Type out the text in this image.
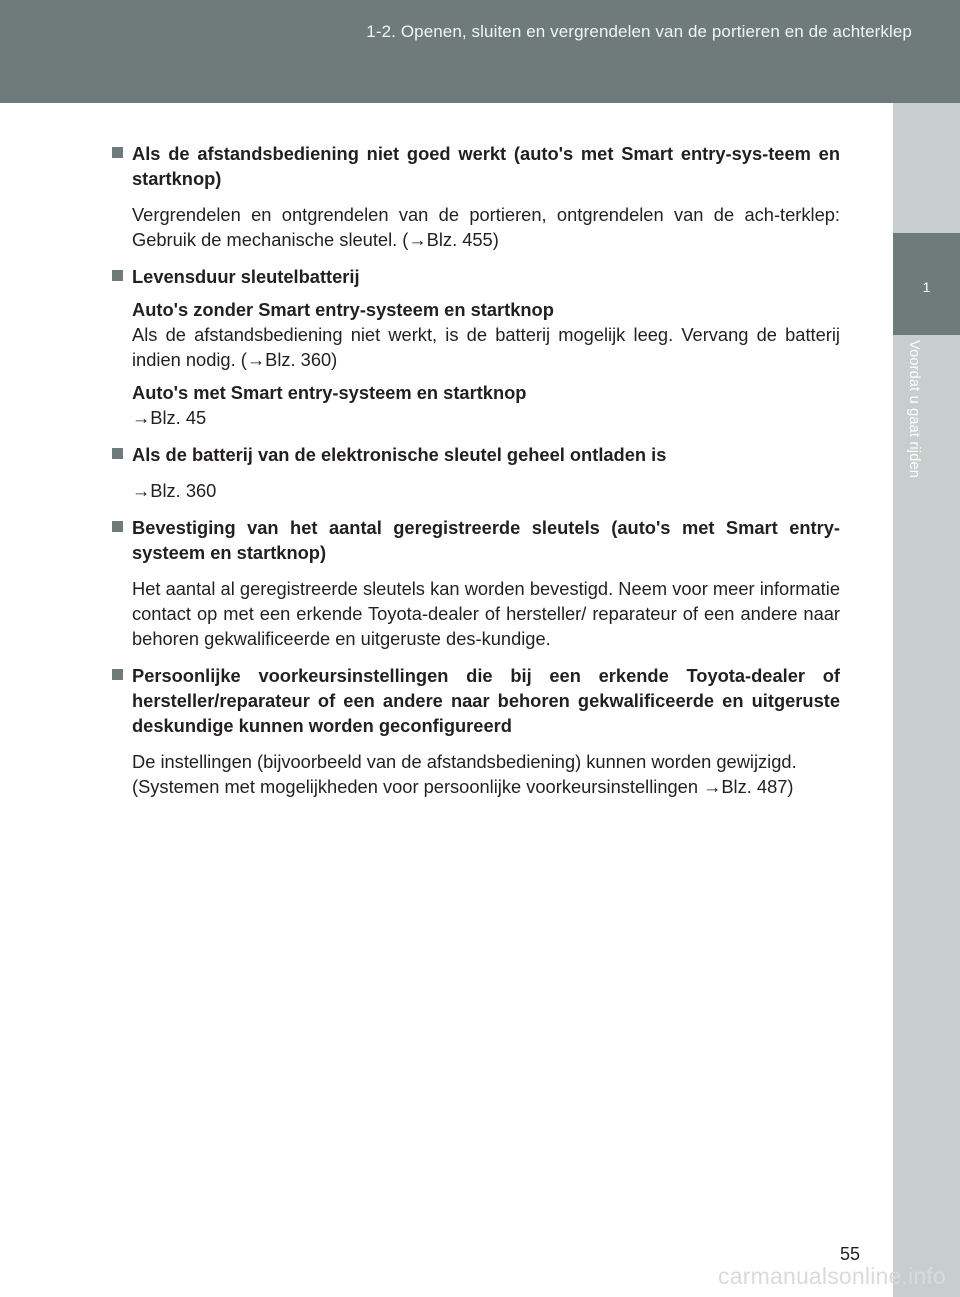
1-2. Openen, sluiten en vergrendelen van de portieren en de achterklep
1
Voordat u gaat rijden
Als de afstandsbediening niet goed werkt (auto's met Smart entry-sys-teem en startknop)
Vergrendelen en ontgrendelen van de portieren, ontgrendelen van de ach-terklep: Gebruik de mechanische sleutel. (→Blz. 455)
Levensduur sleutelbatterij
Auto's zonder Smart entry-systeem en startknop
Als de afstandsbediening niet werkt, is de batterij mogelijk leeg. Vervang de batterij indien nodig. (→Blz. 360)
Auto's met Smart entry-systeem en startknop
→Blz. 45
Als de batterij van de elektronische sleutel geheel ontladen is
→Blz. 360
Bevestiging van het aantal geregistreerde sleutels (auto's met Smart entry-systeem en startknop)
Het aantal al geregistreerde sleutels kan worden bevestigd. Neem voor meer informatie contact op met een erkende Toyota-dealer of hersteller/ reparateur of een andere naar behoren gekwalificeerde en uitgeruste des-kundige.
Persoonlijke voorkeursinstellingen die bij een erkende Toyota-dealer of hersteller/reparateur of een andere naar behoren gekwalificeerde en uitgeruste deskundige kunnen worden geconfigureerd
De instellingen (bijvoorbeeld van de afstandsbediening) kunnen worden gewijzigd.
(Systemen met mogelijkheden voor persoonlijke voorkeursinstellingen →Blz. 487)
55
carmanualsonline.info
